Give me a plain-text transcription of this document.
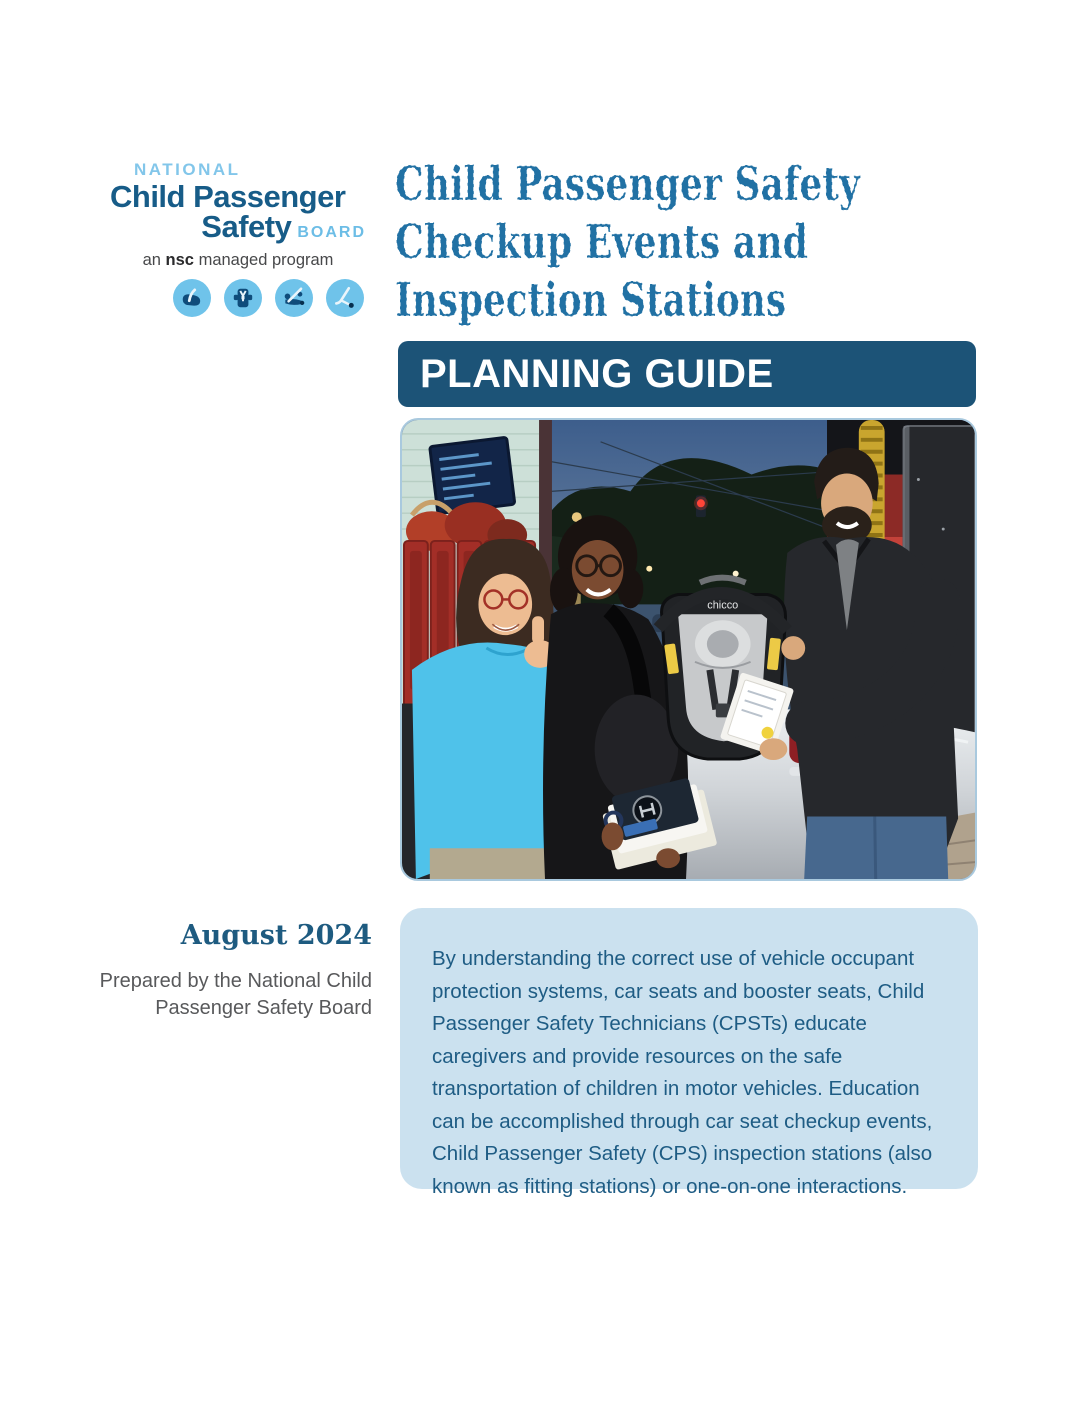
NATIONAL
Child Passenger
Safety BOARD
an nsc managed program
Child Passenger Safety
Checkup Events and
Inspection Stations
PLANNING GUIDE
chicco
August 2024
Prepared by the National Child
Passenger Safety Board
By understanding the correct use of vehicle occupant protection systems, car seats and booster seats, Child Passenger Safety Technicians (CPSTs) educate caregivers and provide resources on the safe transportation of children in motor vehicles. Education can be accomplished through car seat checkup events, Child Passenger Safety (CPS) inspection stations (also known as fitting stations) or one-on-one interactions.
